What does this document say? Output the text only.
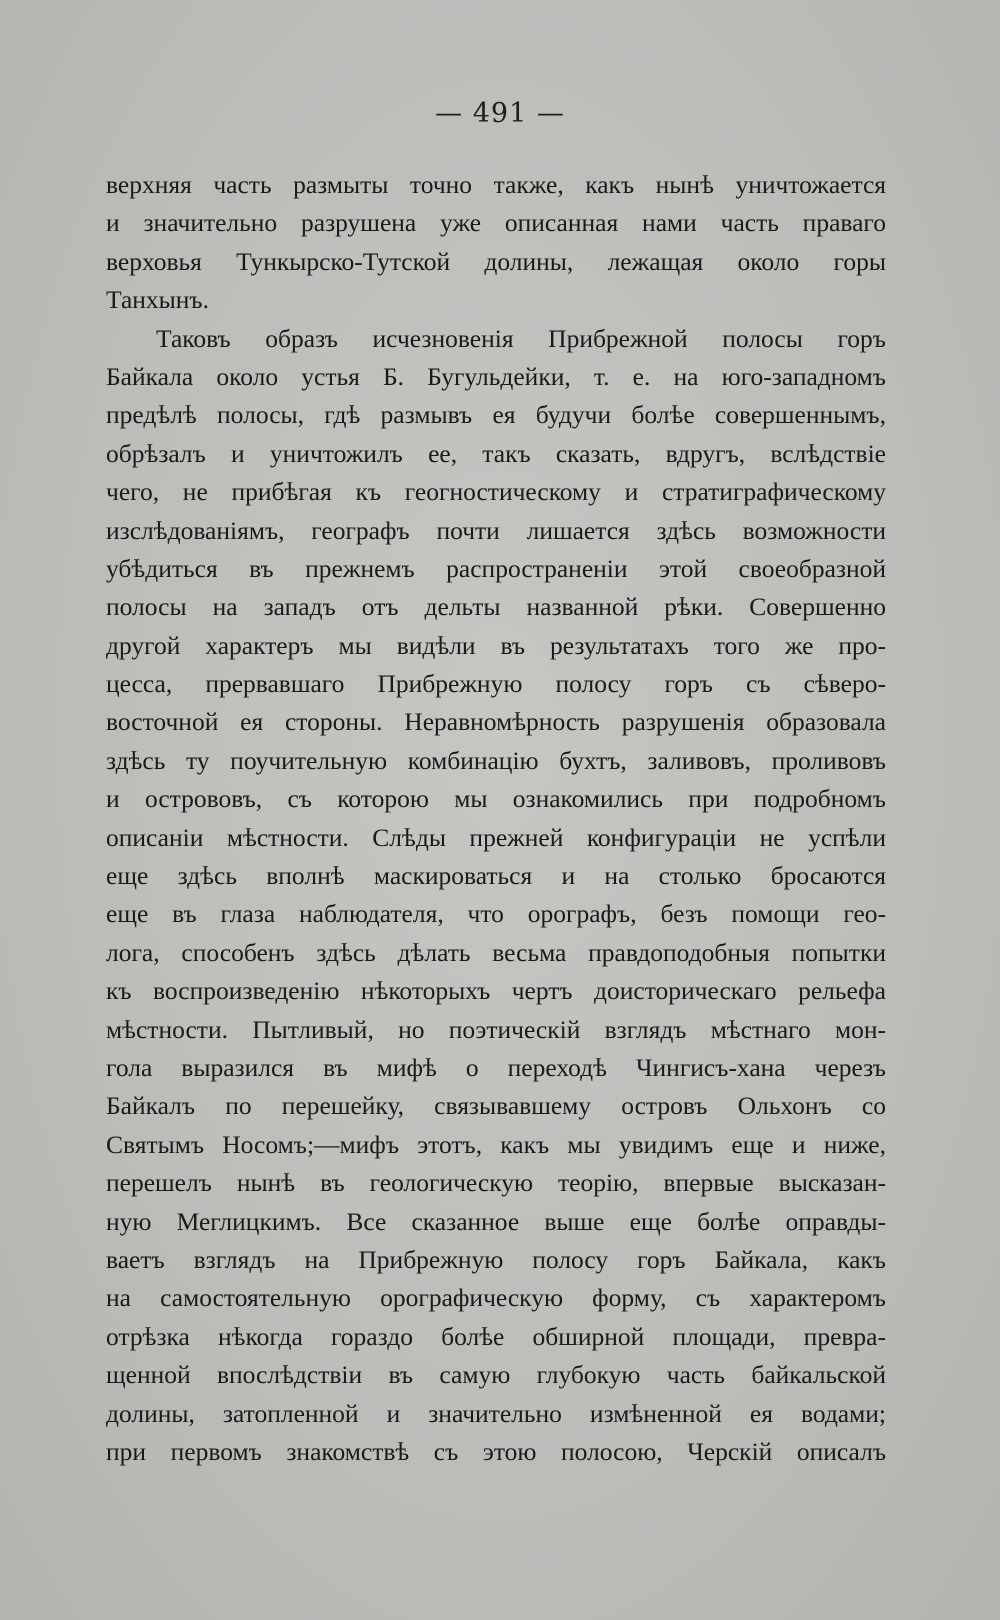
— 491 —
верхняя часть размыты точно также, какъ нынѣ уничтожается
и значительно разрушена уже описанная нами часть праваго
верховья Тункырско-Тутской долины, лежащая около горы
Танхынъ.
Таковъ образъ исчезновенія Прибрежной полосы горъ
Байкала около устья Б. Бугульдейки, т. е. на юго-западномъ
предѣлѣ полосы, гдѣ размывъ ея будучи болѣе совершеннымъ,
обрѣзалъ и уничтожилъ ее, такъ сказать, вдругъ, вслѣдствіе
чего, не прибѣгая къ геогностическому и стратиграфическому
изслѣдованіямъ, географъ почти лишается здѣсь возможности
убѣдиться въ прежнемъ распространеніи этой своеобразной
полосы на западъ отъ дельты названной рѣки. Совершенно
другой характеръ мы видѣли въ результатахъ того же про-
цесса, прервавшаго Прибрежную полосу горъ съ сѣверо-
восточной ея стороны. Неравномѣрность разрушенія образовала
здѣсь ту поучительную комбинацію бухтъ, заливовъ, проливовъ
и острововъ, съ которою мы ознакомились при подробномъ
описаніи мѣстности. Слѣды прежней конфигураціи не успѣли
еще здѣсь вполнѣ маскироваться и на столько бросаются
еще въ глаза наблюдателя, что орографъ, безъ помощи гео-
лога, способенъ здѣсь дѣлать весьма правдоподобныя попытки
къ воспроизведенію нѣкоторыхъ чертъ доисторическаго рельефа
мѣстности. Пытливый, но поэтическій взглядъ мѣстнаго мон-
гола выразился въ мифѣ о переходѣ Чингисъ-хана черезъ
Байкалъ по перешейку, связывавшему островъ Ольхонъ со
Святымъ Носомъ;—мифъ этотъ, какъ мы увидимъ еще и ниже,
перешелъ нынѣ въ геологическую теорію, впервые высказан-
ную Меглицкимъ. Все сказанное выше еще болѣе оправды-
ваетъ взглядъ на Прибрежную полосу горъ Байкала, какъ
на самостоятельную орографическую форму, съ характеромъ
отрѣзка нѣкогда гораздо болѣе обширной площади, превра-
щенной впослѣдствіи въ самую глубокую часть байкальской
долины, затопленной и значительно измѣненной ея водами;
при первомъ знакомствѣ съ этою полосою, Черскій описалъ
